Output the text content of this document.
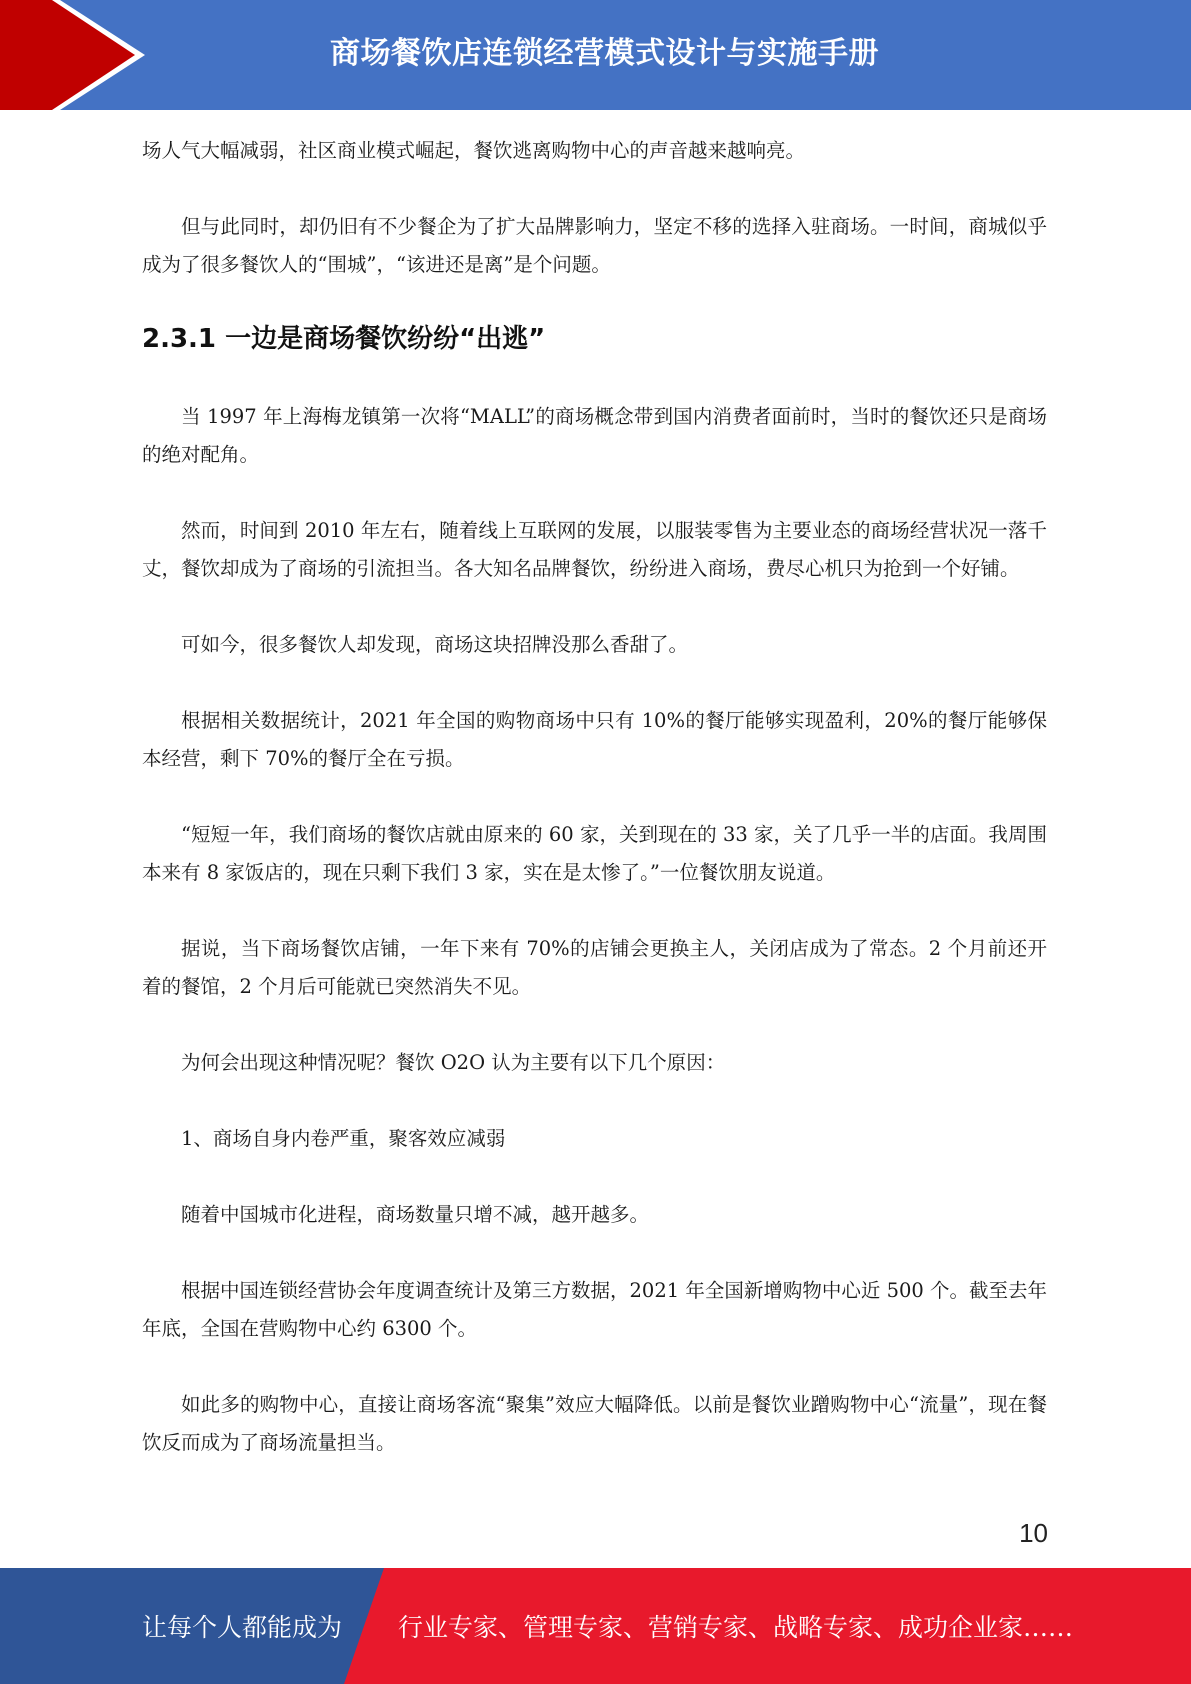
商场餐饮店连锁经营模式设计与实施手册

场人气大幅减弱，社区商业模式崛起，餐饮逃离购物中心的声音越来越响亮。

但与此同时，却仍旧有不少餐企为了扩大品牌影响力，坚定不移的选择入驻商场。一时间，商城似乎成为了很多餐饮人的“围城”，“该进还是离”是个问题。

2.3.1 一边是商场餐饮纷纷“出逃”

当 1997 年上海梅龙镇第一次将“MALL”的商场概念带到国内消费者面前时，当时的餐饮还只是商场的绝对配角。

然而，时间到 2010 年左右，随着线上互联网的发展，以服装零售为主要业态的商场经营状况一落千丈，餐饮却成为了商场的引流担当。各大知名品牌餐饮，纷纷进入商场，费尽心机只为抢到一个好铺。

可如今，很多餐饮人却发现，商场这块招牌没那么香甜了。

根据相关数据统计，2021 年全国的购物商场中只有 10%的餐厅能够实现盈利，20%的餐厅能够保本经营，剩下 70%的餐厅全在亏损。

“短短一年，我们商场的餐饮店就由原来的 60 家，关到现在的 33 家，关了几乎一半的店面。我周围本来有 8 家饭店的，现在只剩下我们 3 家，实在是太惨了。”一位餐饮朋友说道。

据说，当下商场餐饮店铺，一年下来有 70%的店铺会更换主人，关闭店成为了常态。2 个月前还开着的餐馆，2 个月后可能就已突然消失不见。

为何会出现这种情况呢？餐饮 O2O 认为主要有以下几个原因：

1、商场自身内卷严重，聚客效应减弱

随着中国城市化进程，商场数量只增不减，越开越多。

根据中国连锁经营协会年度调查统计及第三方数据，2021 年全国新增购物中心近 500 个。截至去年年底，全国在营购物中心约 6300 个。

如此多的购物中心，直接让商场客流“聚集”效应大幅降低。以前是餐饮业蹭购物中心“流量”，现在餐饮反而成为了商场流量担当。

10
让每个人都能成为 行业专家、管理专家、营销专家、战略专家、成功企业家……
